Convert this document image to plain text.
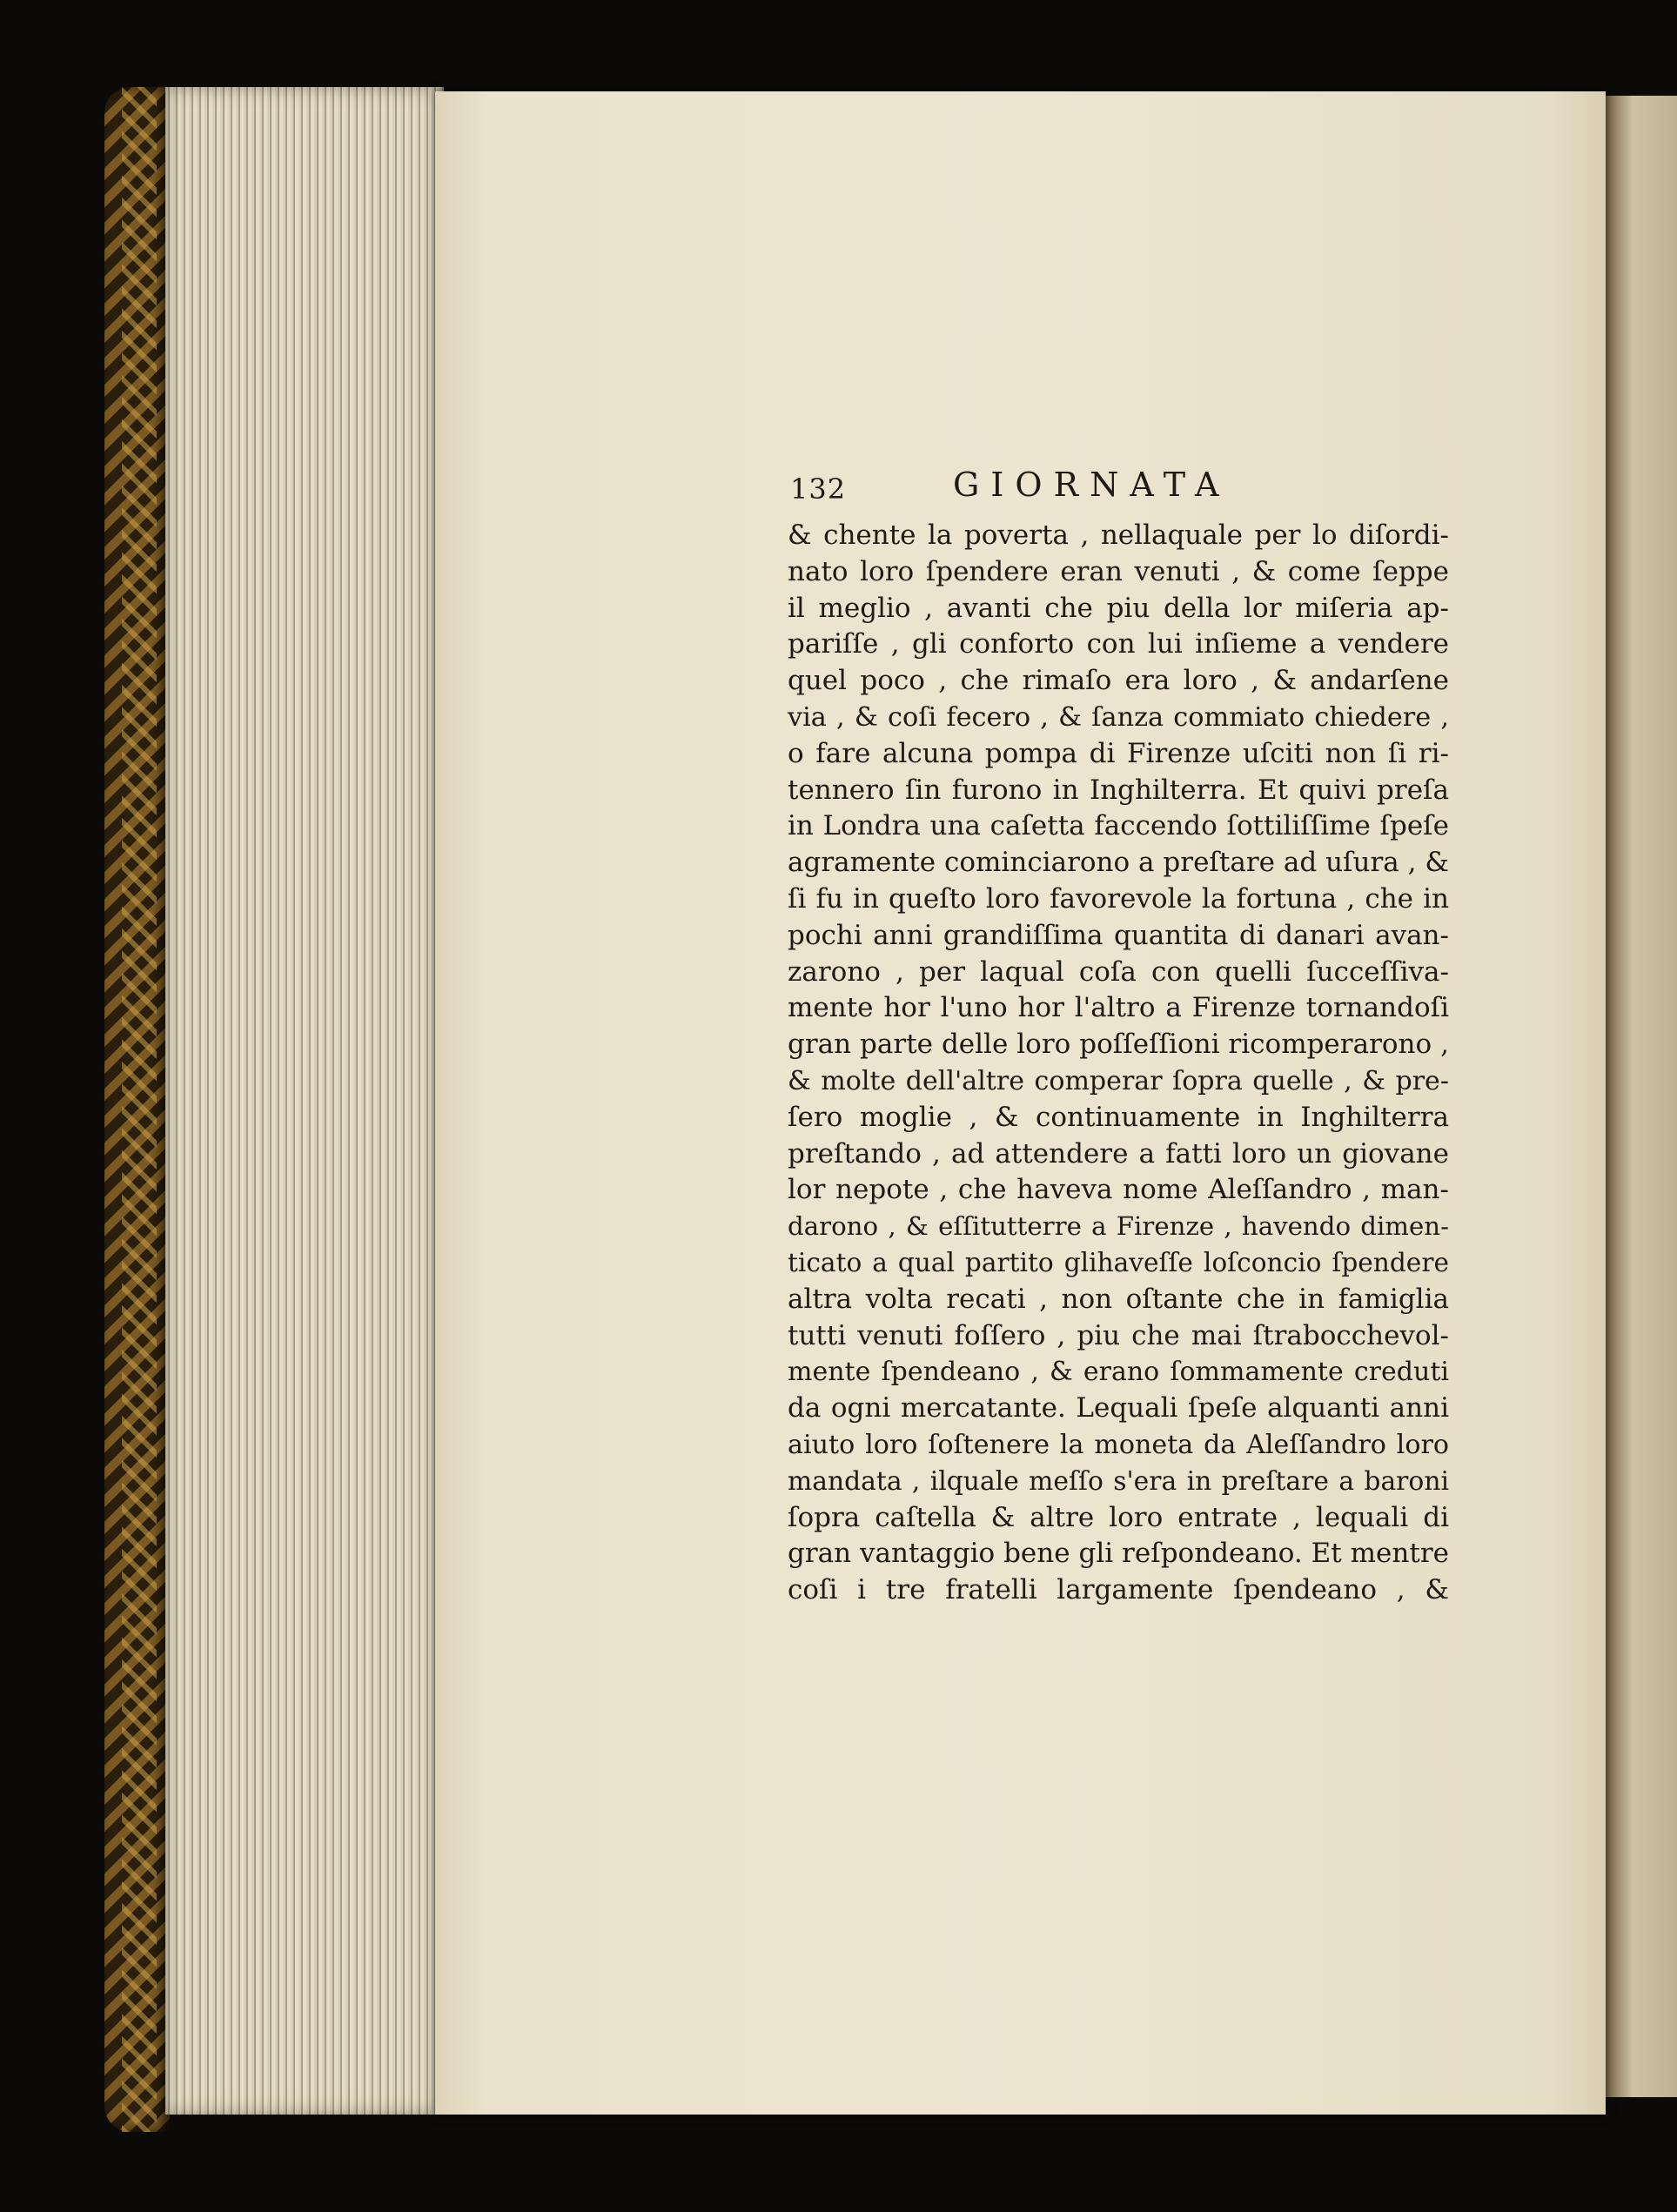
132	GIORNATA
& chente la poverta , nellaquale per lo diſordi-
nato loro ſpendere eran venuti , & come ſeppe
il meglio , avanti che piu della lor miſeria ap-
pariſſe , gli conforto con lui inſieme a vendere
quel poco , che rimaſo era loro , & andarſene
via , & coſi fecero , & ſanza commiato chiedere ,
o fare alcuna pompa di Firenze uſciti non ſi ri-
tennero ſin furono in Inghilterra. Et quivi preſa
in Londra una caſetta faccendo ſottiliſſime ſpeſe
agramente cominciarono a preſtare ad uſura , &
ſi fu in queſto loro favorevole la fortuna , che in
pochi anni grandiſſima quantita di danari avan-
zarono , per laqual coſa con quelli ſucceſſiva-
mente hor l'uno hor l'altro a Firenze tornandoſi
gran parte delle loro poſſeſſioni ricomperarono ,
& molte dell'altre comperar ſopra quelle , & pre-
ſero moglie , & continuamente in Inghilterra
preſtando , ad attendere a fatti loro un giovane
lor nepote , che haveva nome Aleſſandro , man-
darono , & eſſitutterre a Firenze , havendo dimen-
ticato a qual partito glihaveſſe loſconcio ſpendere
altra volta recati , non oſtante che in famiglia
tutti venuti foſſero , piu che mai ſtrabocchevol-
mente ſpendeano , & erano ſommamente creduti
da ogni mercatante. Lequali ſpeſe alquanti anni
aiuto loro ſoſtenere la moneta da Aleſſandro loro
mandata , ilquale meſſo s'era in preſtare a baroni
ſopra caſtella & altre loro entrate , lequali di
gran vantaggio bene gli reſpondeano. Et mentre
coſi i tre fratelli largamente ſpendeano , &
